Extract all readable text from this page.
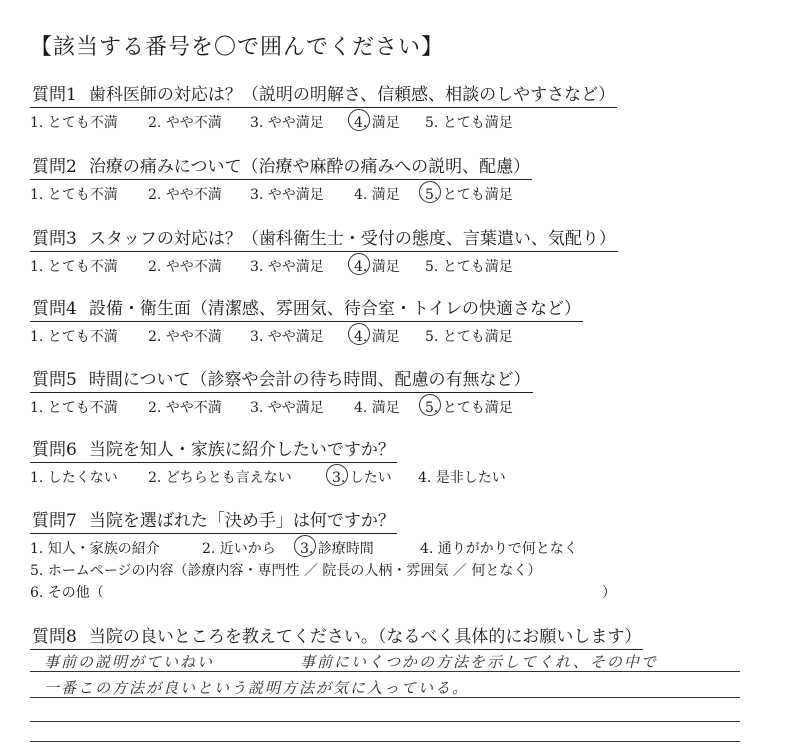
【該当する番号を〇で囲んでください】
質問1 歯科医師の対応は？（説明の明解さ、信頼感、相談のしやすさなど）
1. とても不満 2. やや不満 3. やや満足 4. 満足 5. とても満足
質問2 治療の痛みについて（治療や麻酔の痛みへの説明、配慮）
1. とても不満 2. やや不満 3. やや満足 4. 満足 5. とても満足
質問3 スタッフの対応は？（歯科衛生士・受付の態度、言葉遣い、気配り）
1. とても不満 2. やや不満 3. やや満足 4. 満足 5. とても満足
質問4 設備・衛生面（清潔感、雰囲気、待合室・トイレの快適さなど）
1. とても不満 2. やや不満 3. やや満足 4. 満足 5. とても満足
質問5 時間について（診察や会計の待ち時間、配慮の有無など）
1. とても不満 2. やや不満 3. やや満足 4. 満足 5. とても満足
質問6 当院を知人・家族に紹介したいですか？
1. したくない 2. どちらとも言えない	3. したい 4. 是非したい
質問7 当院を選ばれた「決め手」は何ですか？
1. 知人・家族の紹介	2. 近いから 3. 診療時間	4. 通りがかりで何となく
5. ホームページの内容（診療内容・専門性 ／ 院長の人柄・雰囲気 ／ 何となく）
6. その他（	）
質問8 当院の良いところを教えてください。（なるべく具体的にお願いします）
事前の説明がていねい	事前にいくつかの方法を示してくれ、その中で
一番この方法が良いという説明方法が気に入っている。
